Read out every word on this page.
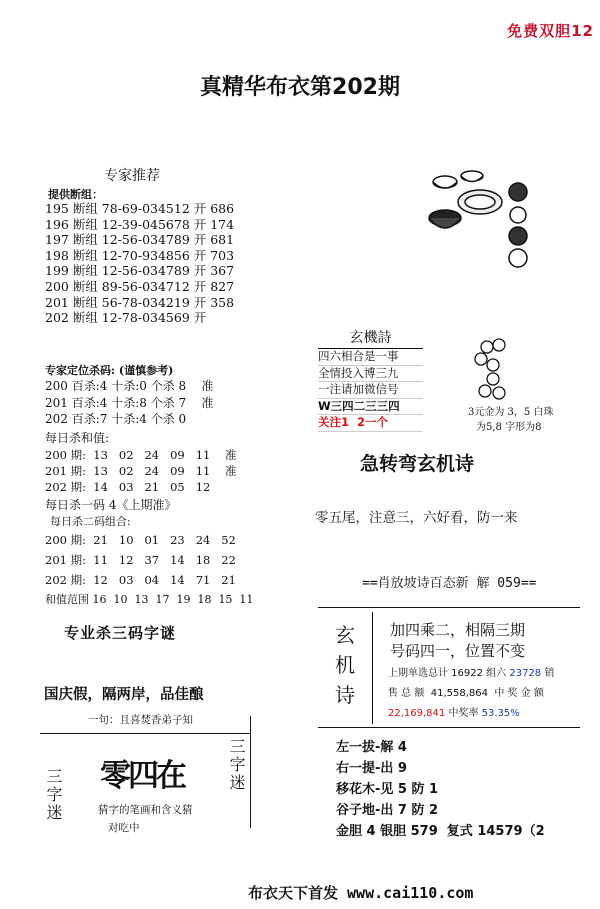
免费双胆12
真精华布衣第202期
专家推荐
提供断组：
195 断组 78-69-034512 开 686
196 断组 12-39-045678 开 174
197 断组 12-56-034789 开 681
198 断组 12-70-934856 开 703
199 断组 12-56-034789 开 367
200 断组 89-56-034712 开 827
201 断组 56-78-034219 开 358
202 断组 12-78-034569 开
专家定位杀码: (谨慎参考)
200 百杀:4 十杀:0 个杀 8    准
201 百杀:4 十杀:8 个杀 7    准
202 百杀:7 十杀:4 个杀 0
每日杀和值:
200 期:  13   02   24   09   11    准
201 期:  13   02   24   09   11    准
202 期:  14   03   21   05   12
每日杀一码 4《上期准》
每日杀二码组合:
200 期:  21   10   01   23   24   52
201 期:  11   12   37   14   18   22
202 期:  12   03   04   14   71   21
和值范围 16  10  13  17  19  18  15  11
玄機詩
四六相合是一事
全情投入博三九
一注请加微信号
W三四二三三四
关注1  2一个
3元金为 3，5 白珠
为5,8 字形为8
急转弯玄机诗
零五尾，注意三，六好看，防一来
==肖放坡诗百态新 解 059==
玄
机
诗
加四乘二，相隔三期
号码四一，位置不变
上期单选总计 16922 组六 23728 销
售 总 额  41,558,864  中 奖 金 额
22,169,841 中奖率 53.35%
左一拔-解 4
右一提-出 9
移花木-见 5 防 1
谷子地-出 7 防 2
金胆 4 银胆 579  复式 14579（2
专业杀三码字谜
国庆假，隔两岸，品佳酿
一句：且喜焚香弟子知
零四在	三字迷
三字迷	猜字的笔画和含义猜
对吃中
布衣天下首发 www.cai110.com
